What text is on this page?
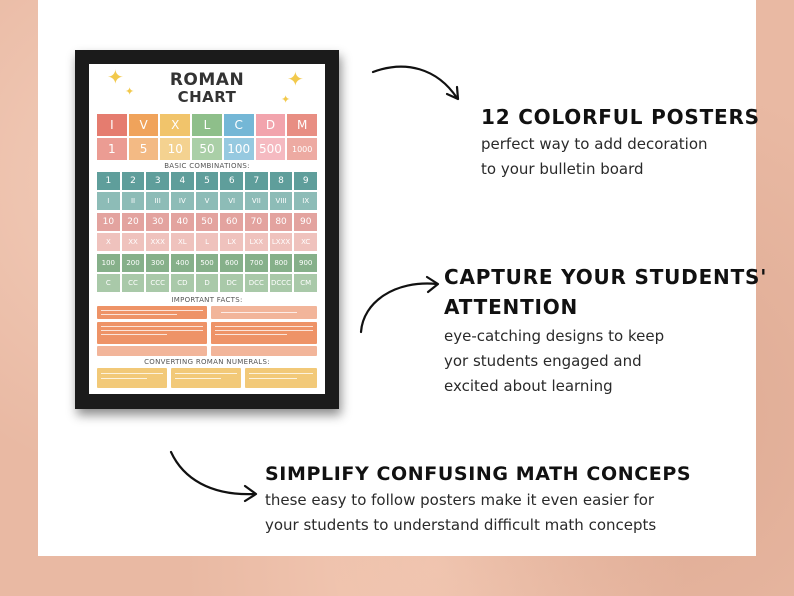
✦
✦
✦
✦
ROMAN
CHART
I	V	X	L	C	D	M
1	5	10	50	100 500	1000
BASIC COMBINATIONS:
1	2	3	4	5	6	7	8	9
I	II	III	IV	V	VI	VII	VIII	IX
10	20	30	40	50	60	70	80	90
X	XX	XXX	XL	L	LX	LXX	LXXX	XC
100	200	300	400	500	600	700	800	900
C	CC	CCC	CD	D	DC	DCC	DCCC	CM
IMPORTANT FACTS:
CONVERTING ROMAN NUMERALS:
12 COLORFUL POSTERS
perfect way to add decoration
to your bulletin board
CAPTURE YOUR STUDENTS'
ATTENTION
eye-catching designs to keep
yor students engaged and
excited about learning
SIMPLIFY CONFUSING MATH CONCEPS
these easy to follow posters make it even easier for
your students to understand difficult math concepts
